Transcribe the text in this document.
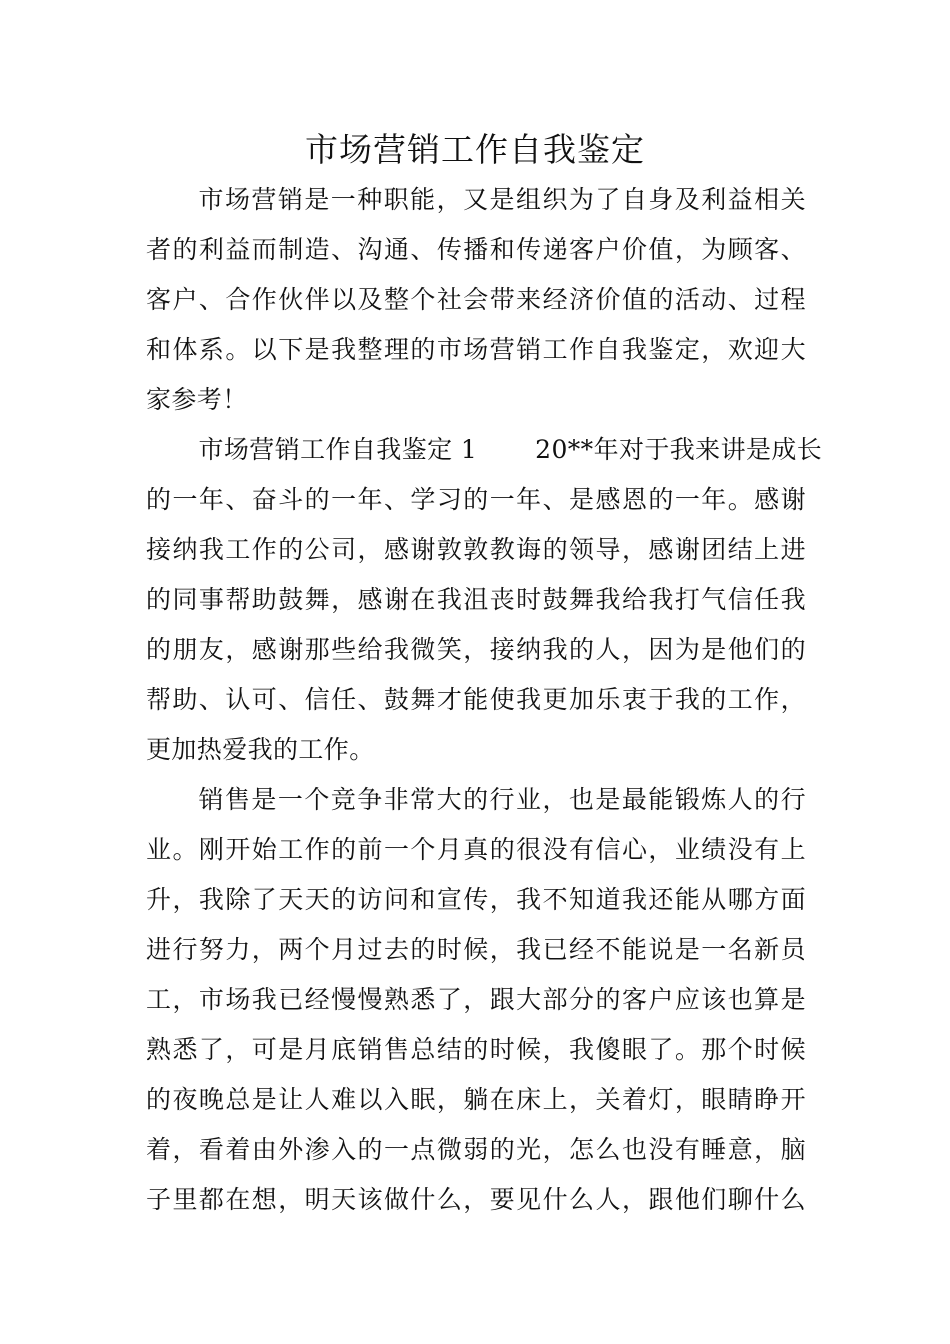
市场营销工作自我鉴定
市场营销是一种职能，又是组织为了自身及利益相关
者的利益而制造、沟通、传播和传递客户价值，为顾客、
客户、合作伙伴以及整个社会带来经济价值的活动、过程
和体系。以下是我整理的市场营销工作自我鉴定，欢迎大
家参考！
市场营销工作自我鉴定 1 20**年对于我来讲是成长
的一年、奋斗的一年、学习的一年、是感恩的一年。感谢
接纳我工作的公司，感谢敦敦教诲的领导，感谢团结上进
的同事帮助鼓舞，感谢在我沮丧时鼓舞我给我打气信任我
的朋友，感谢那些给我微笑，接纳我的人，因为是他们的
帮助、认可、信任、鼓舞才能使我更加乐衷于我的工作，
更加热爱我的工作。
销售是一个竞争非常大的行业，也是最能锻炼人的行
业。刚开始工作的前一个月真的很没有信心，业绩没有上
升，我除了天天的访问和宣传，我不知道我还能从哪方面
进行努力，两个月过去的时候，我已经不能说是一名新员
工，市场我已经慢慢熟悉了，跟大部分的客户应该也算是
熟悉了，可是月底销售总结的时候，我傻眼了。那个时候
的夜晚总是让人难以入眠，躺在床上，关着灯，眼睛睁开
着，看着由外渗入的一点微弱的光，怎么也没有睡意，脑
子里都在想，明天该做什么，要见什么人，跟他们聊什么
